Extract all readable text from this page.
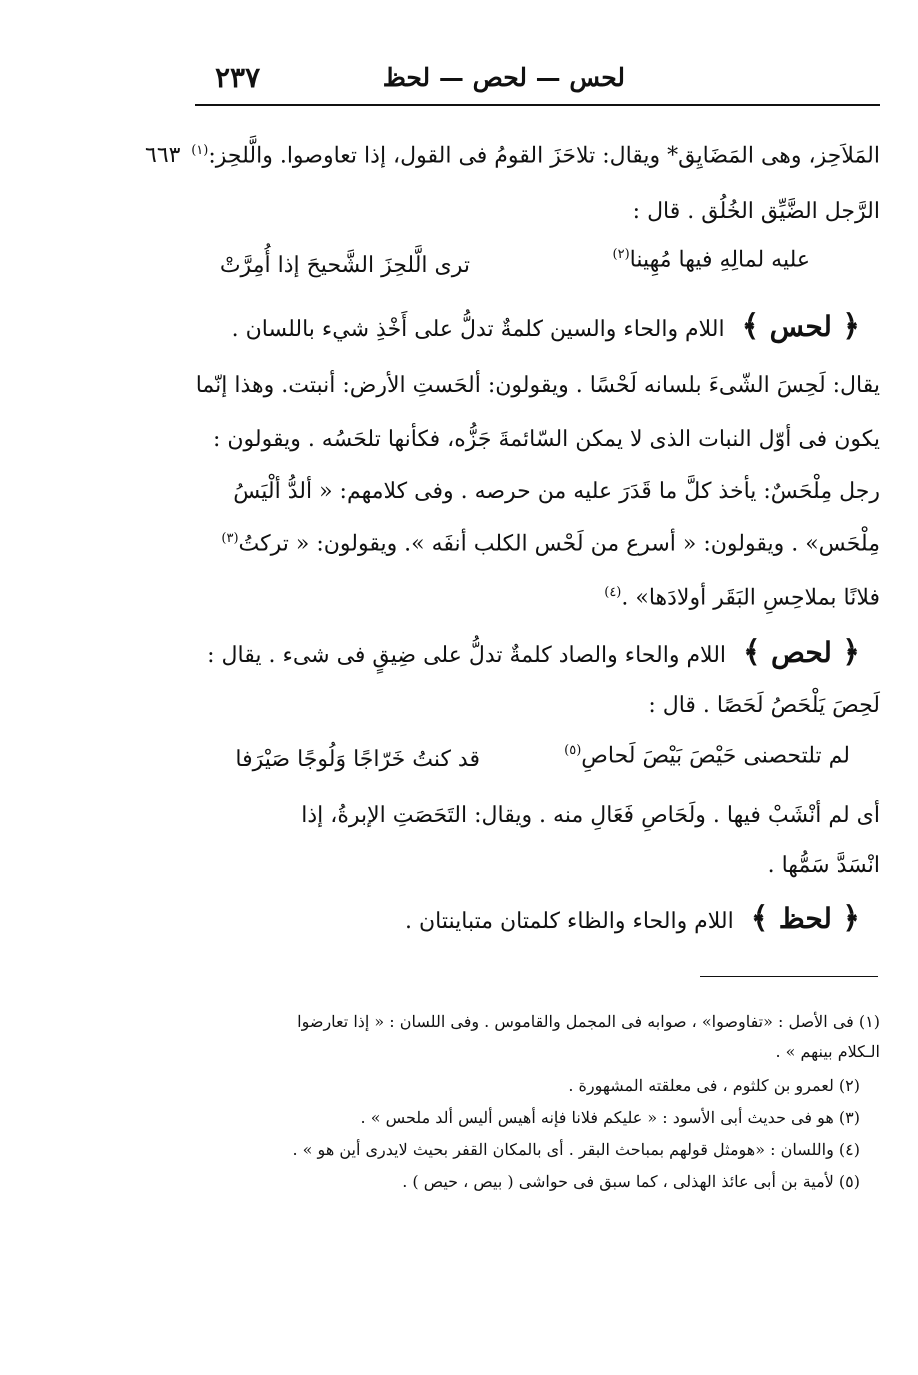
٢٣٧	لحس — لحص — لحظ
المَلاَحِز، وهى المَضَايِق* ويقال: تلاحَزَ القومُ فى القول، إذا تعاوصوا. والَّلحِز:$^{(١)}$
٦٦٣
الرَّجل الضَّيِّق الخُلُق . قال :
ترى الَّلحِزَ الشَّحيحَ إذا أُمِرَّتْ	عليه لمالِهِ فيها مُهِينا$^{(٢)}$
﴿ لحس ﴾ اللام والحاء والسين كلمةٌ تدلُّ على أَخْذِ شيء باللسان .
يقال: لَحِسَ الشّىءَ بلسانه لَحْسًا . ويقولون: ألحَستِ الأرض: أنبتت. وهذا إنّما
يكون فى أوّل النبات الذى لا يمكن السّائمةَ جَزُّه، فكأنها تلحَسُه . ويقولون :
رجل مِلْحَسٌ: يأخذ كلَّ ما قَدَرَ عليه من حرصه . وفى كلامهم: « ألدُّ ألْيَسُ
مِلْحَس» . ويقولون: « أسرع من لَحْس الكلب أنفَه ». ويقولون: « تركتُ$^{(٣)}$
فلانًا بملاحِسِ البَقَر أولادَها» .$^{(٤)}$
﴿ لحص ﴾ اللام والحاء والصاد كلمةٌ تدلُّ على ضِيقٍ فى شىء . يقال :
لَحِصَ يَلْحَصُ لَحَصًا . قال :
قد كنتُ خَرّاجًا وَلُوجًا صَيْرَفا	لم تلتحصنى حَيْصَ بَيْصَ لَحاصِ$^{(٥)}$
أى لم أنْشَبْ فيها . ولَحَاصِ فَعَالِ منه . ويقال: التَحَصَتِ الإبرةُ، إذا
انْسَدَّ سَمُّها .
﴿ لحظ ﴾ اللام والحاء والظاء كلمتان متباينتان .
(١) فى الأصل : «تفاوصوا» ، صوابه فى المجمل والقاموس . وفى اللسان : « إذا تعارضوا
الـكلام بينهم » .
(٢) لعمرو بن كلثوم ، فى معلقته المشهورة .
(٣) هو فى حديث أبى الأسود : « عليكم فلانا فإنه أهيس أليس ألد ملحس » .
(٤) واللسان : «هومثل قولهم بمباحث البقر . أى بالمكان القفر بحيث لايدرى أين هو » .
(٥) لأمية بن أبى عائذ الهذلى ، كما سبق فى حواشى ( بيص ، حيص ) .
